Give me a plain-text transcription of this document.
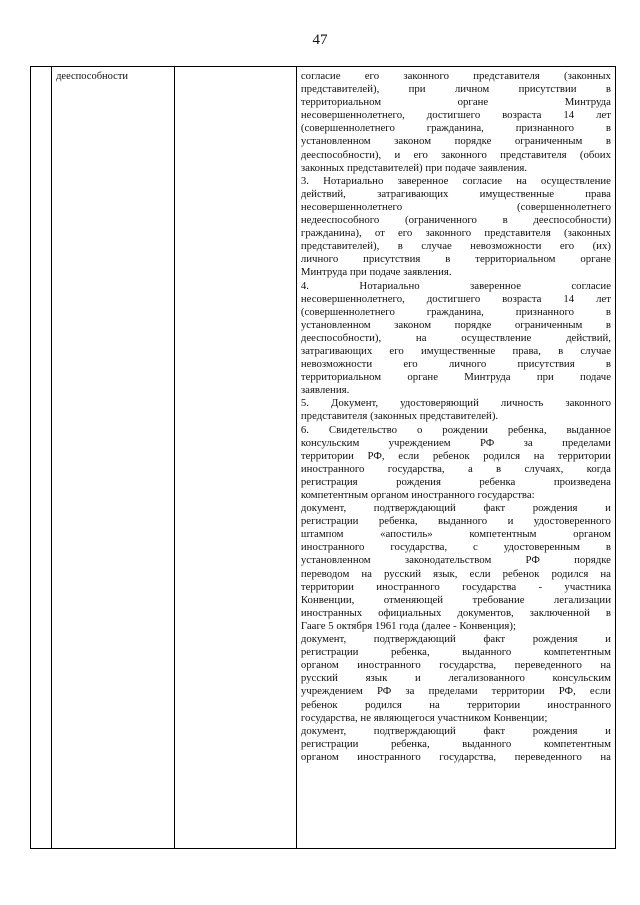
47

дееспособности		согласие его законного представителя (законных
представителей),	при	личном	присутствии	в
территориальном	органе	Минтруда
несовершеннолетнего, достигшего возраста 14 лет
(совершеннолетнего	гражданина,	признанного	в
установленном законом порядке ограниченным в
дееспособности), и его законного представителя (обоих
законных представителей) при подаче заявления.
3. Нотариально заверенное согласие на осуществление
действий,	затрагивающих	имущественные	права
несовершеннолетнего	(совершеннолетнего
недееспособного (ограниченного в дееспособности)
гражданина), от его законного представителя (законных
представителей), в случае невозможности его (их)
личного присутствия в территориальном органе
Минтруда при подаче заявления.
4.	Нотариально	заверенное	согласие
несовершеннолетнего, достигшего возраста 14 лет
(совершеннолетнего	гражданина,	признанного	в
установленном законом порядке ограниченным в
дееспособности),	на	осуществление	действий,
затрагивающих его имущественные права, в случае
невозможности	его	личного	присутствия	в
территориальном органе Минтруда при подаче
заявления.
5. Документ, удостоверяющий личность законного
представителя (законных представителей).
6. Свидетельство о рождении ребенка, выданное
консульским	учреждением	РФ	за	пределами
территории РФ, если ребенок родился на территории
иностранного государства, а в случаях, когда
регистрация	рождения	ребенка	произведена
компетентным органом иностранного государства:
документ,	подтверждающий	факт	рождения	и
регистрации ребенка, выданного и удостоверенного
штампом	«апостиль»	компетентным	органом
иностранного государства, с удостоверенным в
установленном	законодательством	РФ	порядке
переводом на русский язык, если ребенок родился на
территории иностранного государства - участника
Конвенции,	отменяющей	требование	легализации
иностранных официальных документов, заключенной в
Гааге 5 октября 1961 года (далее - Конвенция);
документ,	подтверждающий	факт	рождения	и
регистрации	ребенка,	выданного	компетентным
органом иностранного государства, переведенного на
русский	язык	и	легализованного	консульским
учреждением РФ за пределами территории РФ, если
ребенок	родился	на	территории	иностранного
государства, не являющегося участником Конвенции;
документ,	подтверждающий	факт	рождения	и
регистрации	ребенка,	выданного	компетентным
органом иностранного государства, переведенного на
